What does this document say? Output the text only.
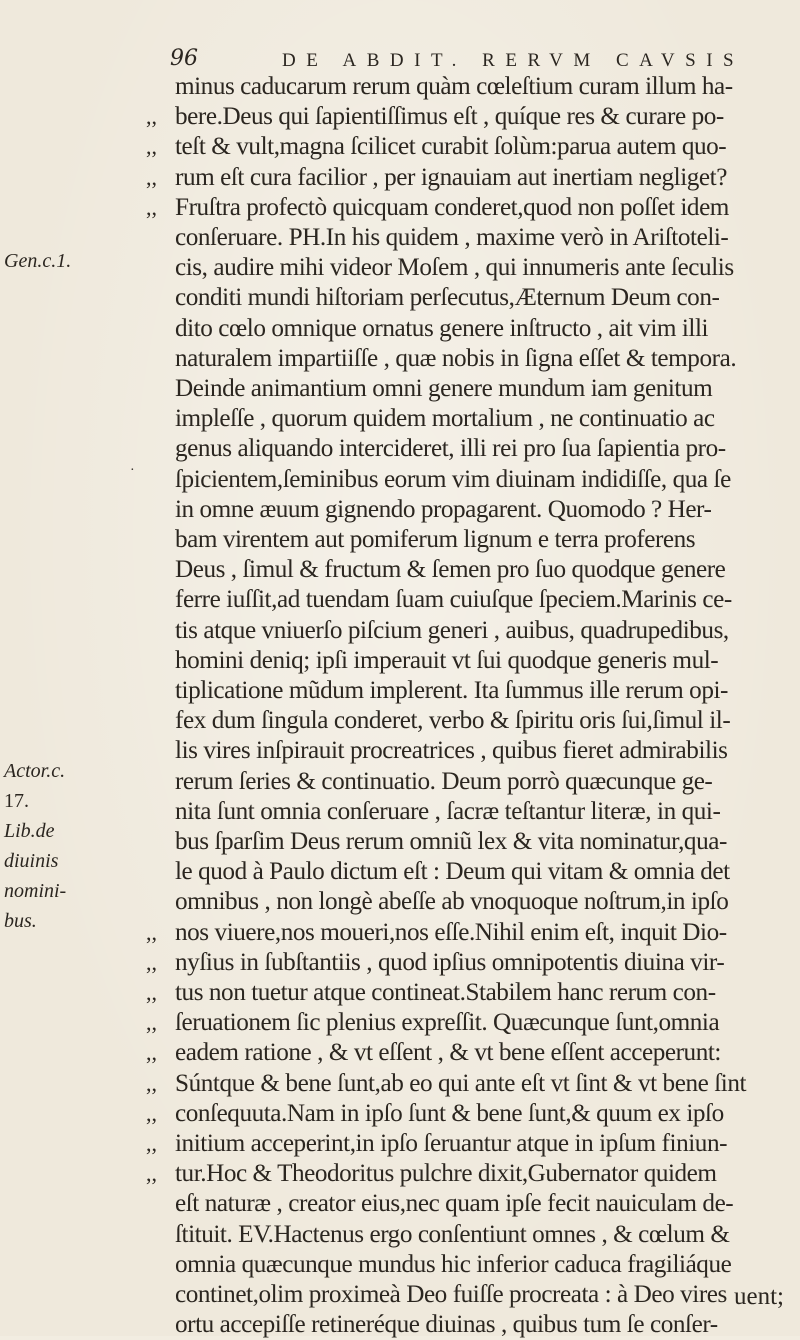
96	DE ABDIT. RERVM CAVSIS
minus caducarum rerum quàm cœleſtium curam illum ha-
bere.Deus qui ſapientiſſimus eſt , quíque res & curare po-
,,
teſt & vult,magna ſcilicet curabit ſolùm:parua autem quo-
,,
rum eſt cura facilior , per ignauiam aut inertiam negliget?
,,
Fruſtra profectò quicquam conderet,quod non poſſet idem
,,
conſeruare. PH.In his quidem , maxime verò in Ariſtoteli-
cis, audire mihi videor Moſem , qui innumeris ante ſeculis
conditi mundi hiſtoriam perſecutus,Æternum Deum con-
dito cœlo omnique ornatus genere inſtructo , ait vim illi
naturalem impartiiſſe , quæ nobis in ſigna eſſet & tempora.
Deinde animantium omni genere mundum iam genitum
impleſſe , quorum quidem mortalium , ne continuatio ac
genus aliquando intercideret, illi rei pro ſua ſapientia pro-
ſpicientem,ſeminibus eorum vim diuinam indidiſſe, qua ſe
in omne æuum gignendo propagarent. Quomodo ? Her-
bam virentem aut pomiferum lignum e terra proferens
Deus , ſimul & fructum & ſemen pro ſuo quodque genere
ferre iuſſit,ad tuendam ſuam cuiuſque ſpeciem.Marinis ce-
tis atque vniuerſo piſcium generi , auibus, quadrupedibus,
homini deniq; ipſi imperauit vt ſui quodque generis mul-
tiplicatione mũdum implerent. Ita ſummus ille rerum opi-
fex dum ſingula conderet, verbo & ſpiritu oris ſui,ſimul il-
lis vires inſpirauit procreatrices , quibus fieret admirabilis
rerum ſeries & continuatio. Deum porrò quæcunque ge-
nita ſunt omnia conſeruare , ſacræ teſtantur literæ, in qui-
bus ſparſim Deus rerum omniũ lex & vita nominatur,qua-
le quod à Paulo dictum eſt : Deum qui vitam & omnia det
omnibus , non longè abeſſe ab vnoquoque noſtrum,in ipſo
nos viuere,nos moueri,nos eſſe.Nihil enim eſt, inquit Dio-
,,
nyſius in ſubſtantiis , quod ipſius omnipotentis diuina vir-
,,
tus non tuetur atque contineat.Stabilem hanc rerum con-
,,
ſeruationem ſic plenius expreſſit. Quæcunque ſunt,omnia
,,
eadem ratione , & vt eſſent , & vt bene eſſent acceperunt:
,,
Súntque & bene ſunt,ab eo qui ante eſt vt ſint & vt bene ſint
,,
conſequuta.Nam in ipſo ſunt & bene ſunt,& quum ex ipſo
,,
initium acceperint,in ipſo ſeruantur atque in ipſum finiun-
,,
tur.Hoc & Theodoritus pulchre dixit,Gubernator quidem
,,
eſt naturæ , creator eius,nec quam ipſe fecit nauiculam de-
ſtituit. EV.Hactenus ergo conſentiunt omnes , & cœlum &
omnia quæcunque mundus hic inferior caduca fragiliáque
continet,olim proximeà Deo fuiſſe procreata : à Deo vires
ortu accepiſſe retineréque diuinas , quibus tum ſe conſer-
Gen.c.1.
Actor.c.
17.
Lib.de
diuinis
nomini-
bus.
·
uent;
